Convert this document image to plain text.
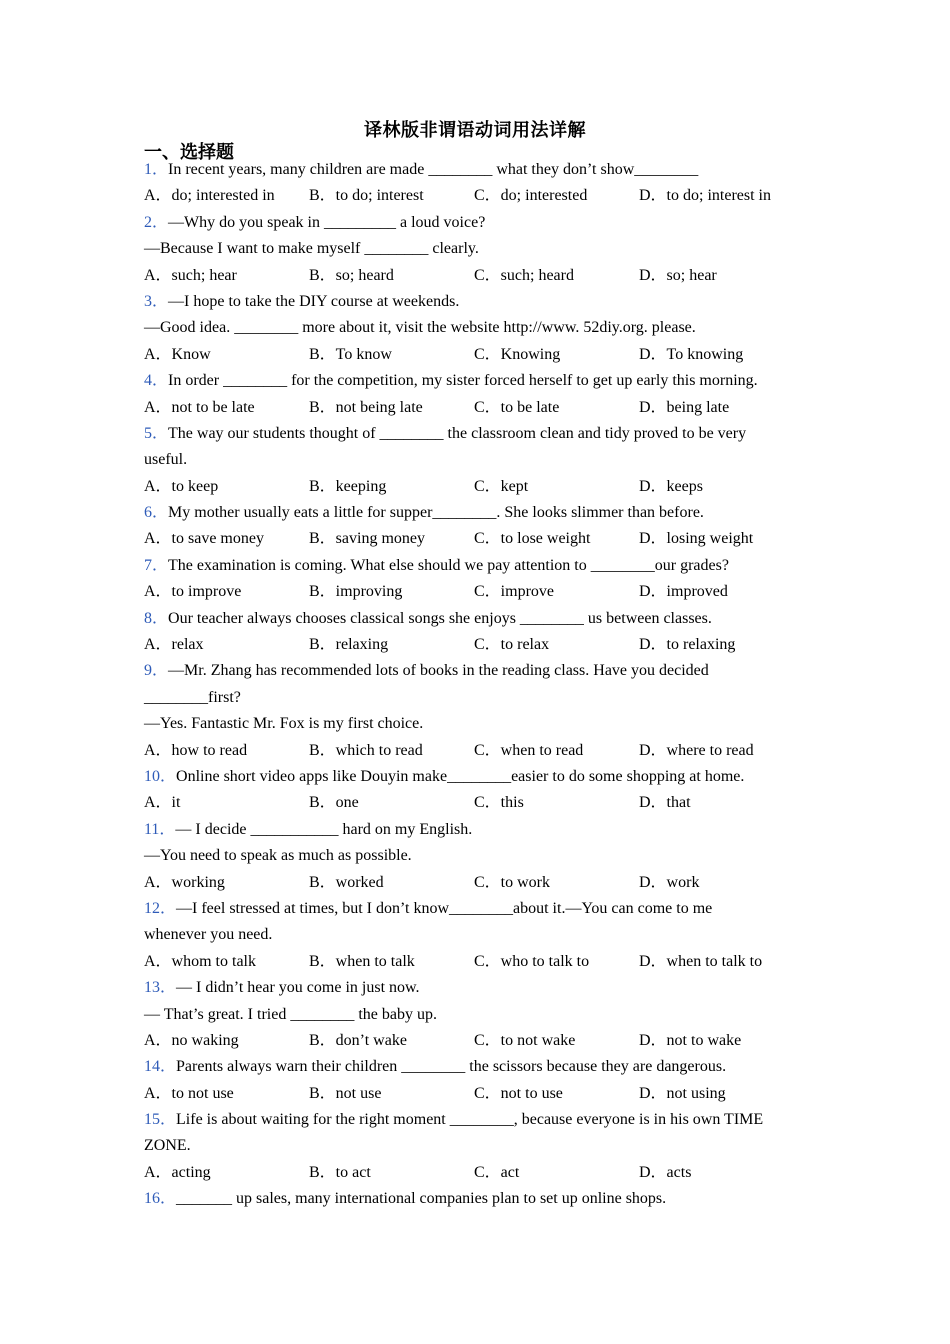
译林版非谓语动词用法详解
一、选择题
1．In recent years, many children are made ________ what they don’t show________
A．do; interested in	B．to do; interest	C．do; interested	D．to do; interest in
2．—Why do you speak in _________ a loud voice?
—Because I want to make myself ________ clearly.
A．such; hear	B．so; heard	C．such; heard	D．so; hear
3．—I hope to take the DIY course at weekends.
—Good idea. ________ more about it, visit the website http://www. 52diy.org. please.
A．Know	B．To know	C．Knowing	D．To knowing
4．In order ________ for the competition, my sister forced herself to get up early this morning.
A．not to be late	B．not being late	C．to be late	D．being late
5．The way our students thought of ________ the classroom clean and tidy proved to be very
useful.
A．to keep	B．keeping	C．kept	D．keeps
6．My mother usually eats a little for supper________. She looks slimmer than before.
A．to save money	B．saving money	C．to lose weight	D．losing weight
7．The examination is coming. What else should we pay attention to ________our grades?
A．to improve	B．improving	C．improve	D．improved
8．Our teacher always chooses classical songs she enjoys ________ us between classes.
A．relax	B．relaxing	C．to relax	D．to relaxing
9．—Mr. Zhang has recommended lots of books in the reading class. Have you decided
________first?
—Yes. Fantastic Mr. Fox is my first choice.
A．how to read	B．which to read	C．when to read	D．where to read
10．Online short video apps like Douyin make________easier to do some shopping at home.
A．it	B．one	C．this	D．that
11．— I decide ___________ hard on my English.
—You need to speak as much as possible.
A．working	B．worked	C．to work	D．work
12．—I feel stressed at times, but I don’t know________about it.—You can come to me
whenever you need.
A．whom to talk	B．when to talk	C．who to talk to	D．when to talk to
13．— I didn’t hear you come in just now.
— That’s great. I tried ________ the baby up.
A．no waking	B．don’t wake	C．to not wake	D．not to wake
14．Parents always warn their children ________ the scissors because they are dangerous.
A．to not use	B．not use	C．not to use	D．not using
15．Life is about waiting for the right moment ________, because everyone is in his own TIME
ZONE.
A．acting	B．to act	C．act	D．acts
16．_______ up sales, many international companies plan to set up online shops.
